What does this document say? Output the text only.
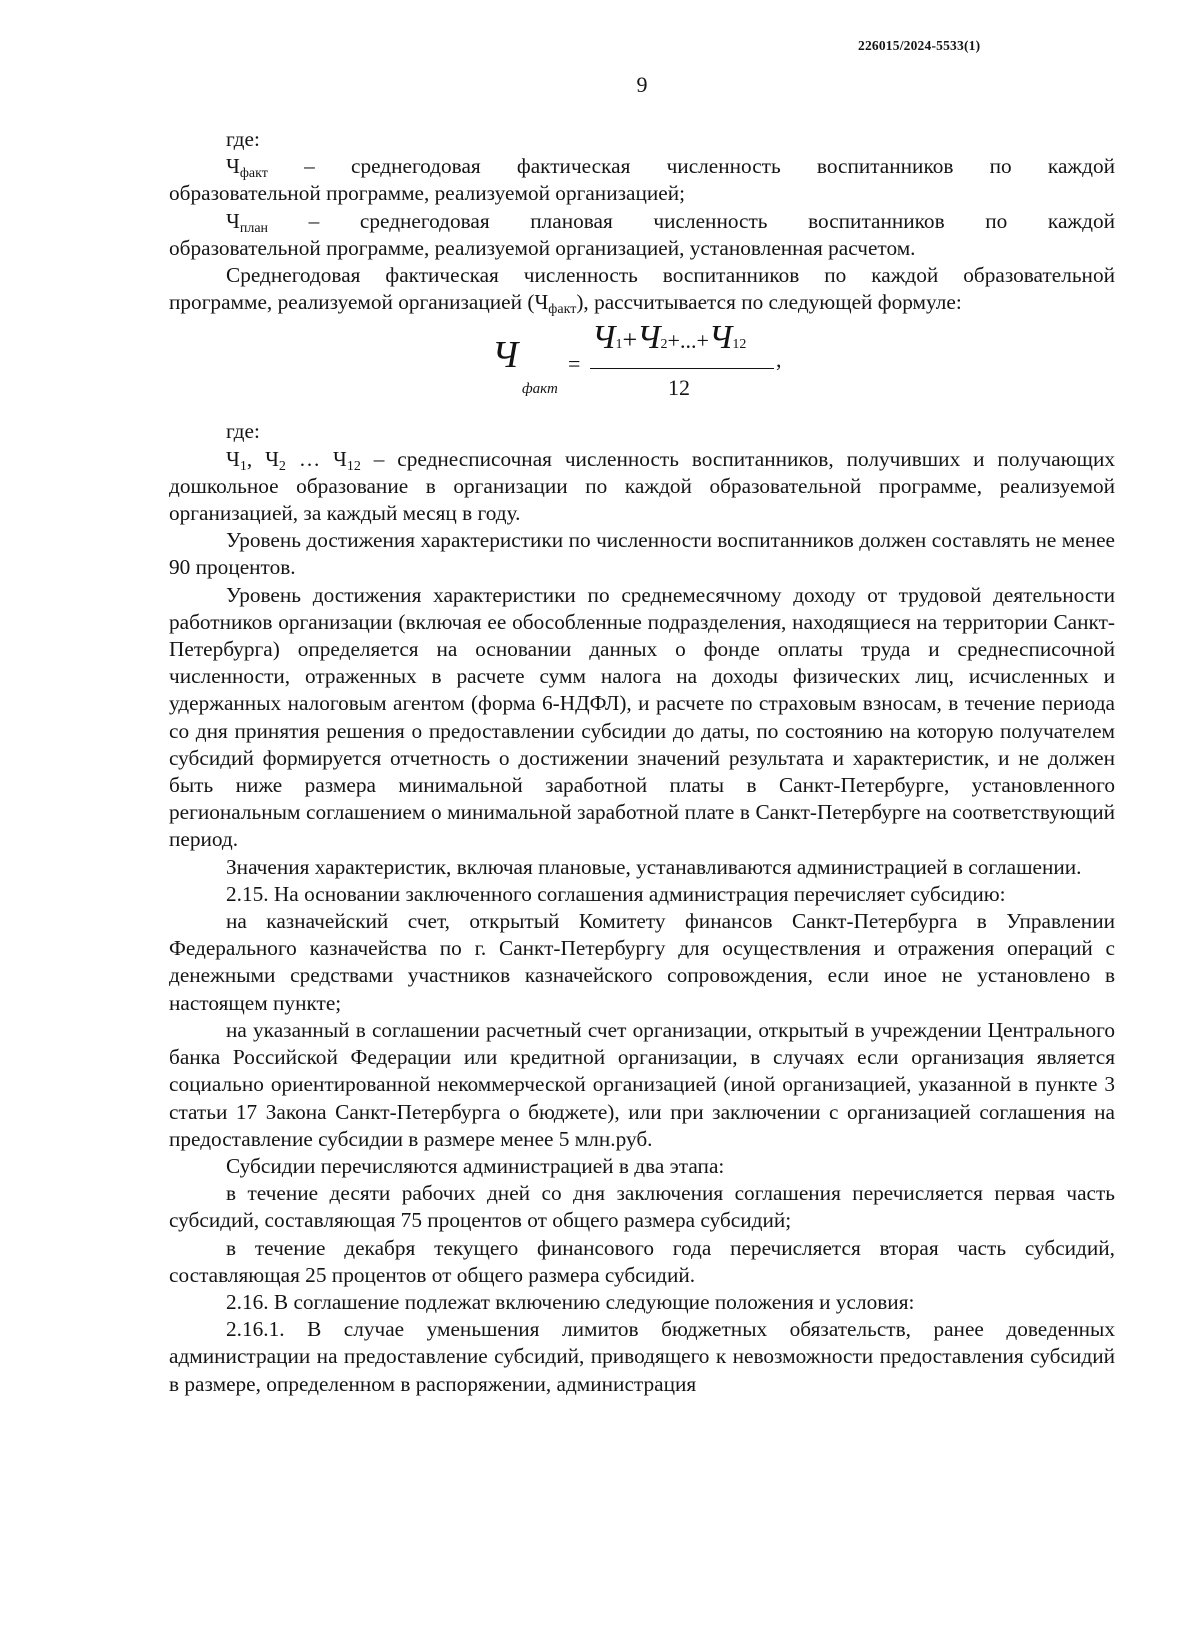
226015/2024-5533(1)
9

где:

$Ч_{факт}$ – среднегодовая фактическая численность воспитанников по каждой

образовательной программе, реализуемой организацией;

$Ч_{план}$ – среднегодовая плановая численность воспитанников по каждой

образовательной программе, реализуемой организацией, установленная расчетом.

Среднегодовая фактическая численность воспитанников по каждой образовательной

программе, реализуемой организацией $(Ч_{факт})$, рассчитывается по следующей формуле:

Ч
факт
=
Ч1+Ч2+...+Ч12
12
,

где:

$Ч_1$, $Ч_2$ … $Ч_{12}$ – среднесписочная численность воспитанников, получивших и получающих дошкольное образование в организации по каждой образовательной программе, реализуемой организацией, за каждый месяц в году.

Уровень достижения характеристики по численности воспитанников должен составлять не менее 90 процентов.

Уровень достижения характеристики по среднемесячному доходу от трудовой деятельности работников организации (включая ее обособленные подразделения, находящиеся на территории Санкт-Петербурга) определяется на основании данных о фонде оплаты труда и среднесписочной численности, отраженных в расчете сумм налога на доходы физических лиц, исчисленных и удержанных налоговым агентом (форма 6-НДФЛ), и расчете по страховым взносам, в течение периода со дня принятия решения о предоставлении субсидии до даты, по состоянию на которую получателем субсидий формируется отчетность о достижении значений результата и характеристик, и не должен быть ниже размера минимальной заработной платы в Санкт-Петербурге, установленного региональным соглашением о минимальной заработной плате в Санкт-Петербурге на соответствующий период.

Значения характеристик, включая плановые, устанавливаются администрацией в соглашении.

2.15. На основании заключенного соглашения администрация перечисляет субсидию:

на казначейский счет, открытый Комитету финансов Санкт-Петербурга в Управлении Федерального казначейства по г. Санкт-Петербургу для осуществления и отражения операций с денежными средствами участников казначейского сопровождения, если иное не установлено в настоящем пункте;

на указанный в соглашении расчетный счет организации, открытый в учреждении Центрального банка Российской Федерации или кредитной организации, в случаях если организация является социально ориентированной некоммерческой организацией (иной организацией, указанной в пункте 3 статьи 17 Закона Санкт-Петербурга о бюджете), или при заключении с организацией соглашения на предоставление субсидии в размере менее 5 млн.руб.

Субсидии перечисляются администрацией в два этапа:

в течение десяти рабочих дней со дня заключения соглашения перечисляется первая часть субсидий, составляющая 75 процентов от общего размера субсидий;

в течение декабря текущего финансового года перечисляется вторая часть субсидий, составляющая 25 процентов от общего размера субсидий.

2.16. В соглашение подлежат включению следующие положения и условия:

2.16.1. В случае уменьшения лимитов бюджетных обязательств, ранее доведенных администрации на предоставление субсидий, приводящего к невозможности предоставления субсидий в размере, определенном в распоряжении, администрация
